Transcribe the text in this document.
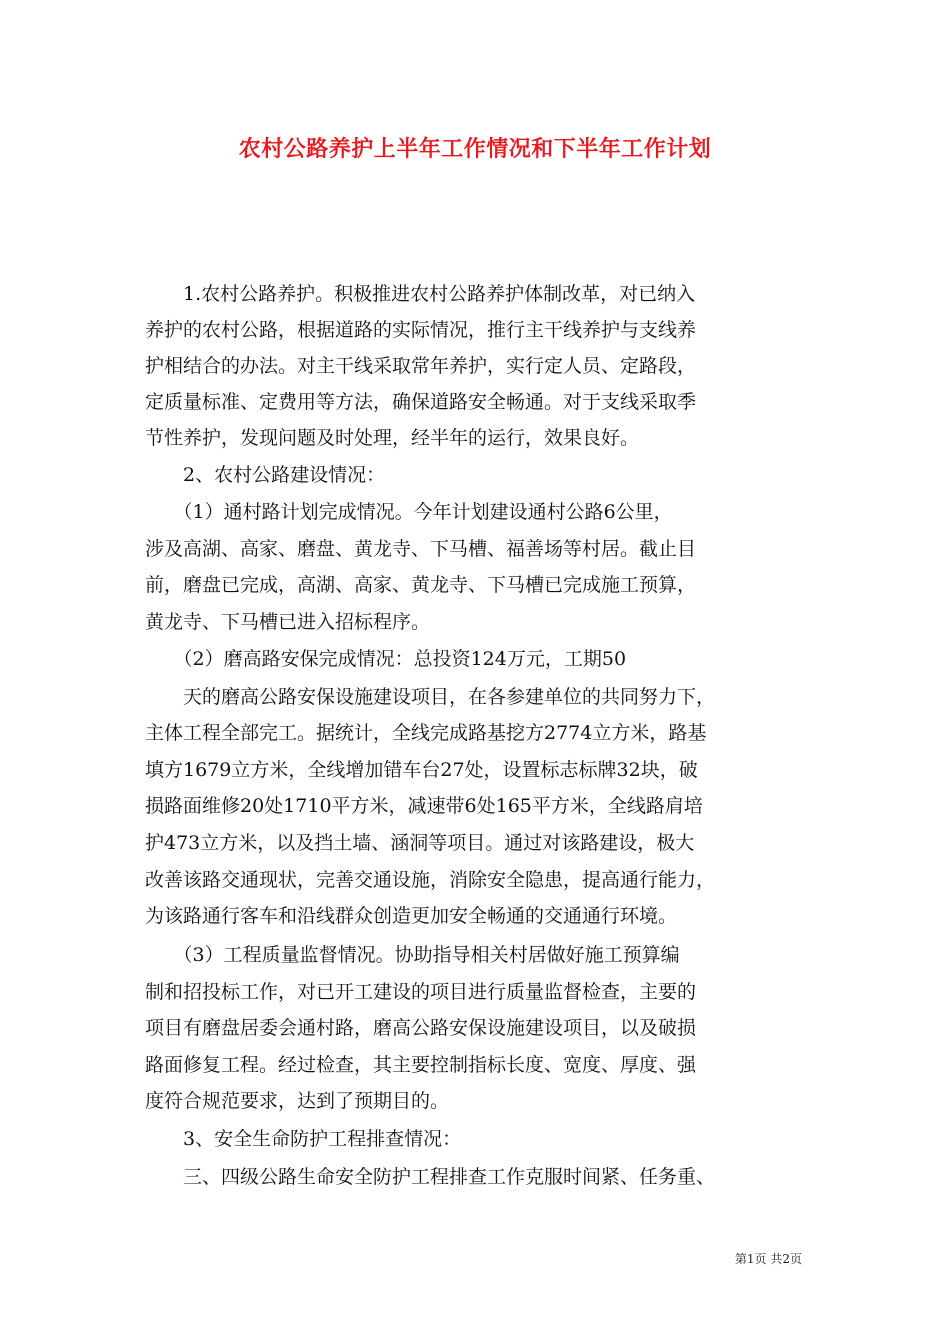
农村公路养护上半年工作情况和下半年工作计划
　　1.农村公路养护。积极推进农村公路养护体制改革，对已纳入
养护的农村公路，根据道路的实际情况，推行主干线养护与支线养
护相结合的办法。对主干线采取常年养护，实行定人员、定路段，
定质量标准、定费用等方法，确保道路安全畅通。对于支线采取季
节性养护，发现问题及时处理，经半年的运行，效果良好。
　　2、农村公路建设情况：
　　（1）通村路计划完成情况。今年计划建设通村公路6公里，
涉及高湖、高家、磨盘、黄龙寺、下马槽、福善场等村居。截止目
前，磨盘已完成，高湖、高家、黄龙寺、下马槽已完成施工预算，
黄龙寺、下马槽已进入招标程序。
　　（2）磨高路安保完成情况：总投资124万元，工期50
　　天的磨高公路安保设施建设项目，在各参建单位的共同努力下，
主体工程全部完工。据统计，全线完成路基挖方2774立方米，路基
填方1679立方米，全线增加错车台27处，设置标志标牌32块，破
损路面维修20处1710平方米，减速带6处165平方米，全线路肩培
护473立方米，以及挡土墙、涵洞等项目。通过对该路建设，极大
改善该路交通现状，完善交通设施，消除安全隐患，提高通行能力，
为该路通行客车和沿线群众创造更加安全畅通的交通通行环境。
　　（3）工程质量监督情况。协助指导相关村居做好施工预算编
制和招投标工作，对已开工建设的项目进行质量监督检查，主要的
项目有磨盘居委会通村路，磨高公路安保设施建设项目，以及破损
路面修复工程。经过检查，其主要控制指标长度、宽度、厚度、强
度符合规范要求，达到了预期目的。
　　3、安全生命防护工程排查情况：
　　三、四级公路生命安全防护工程排查工作克服时间紧、任务重、
第1页 共2页
